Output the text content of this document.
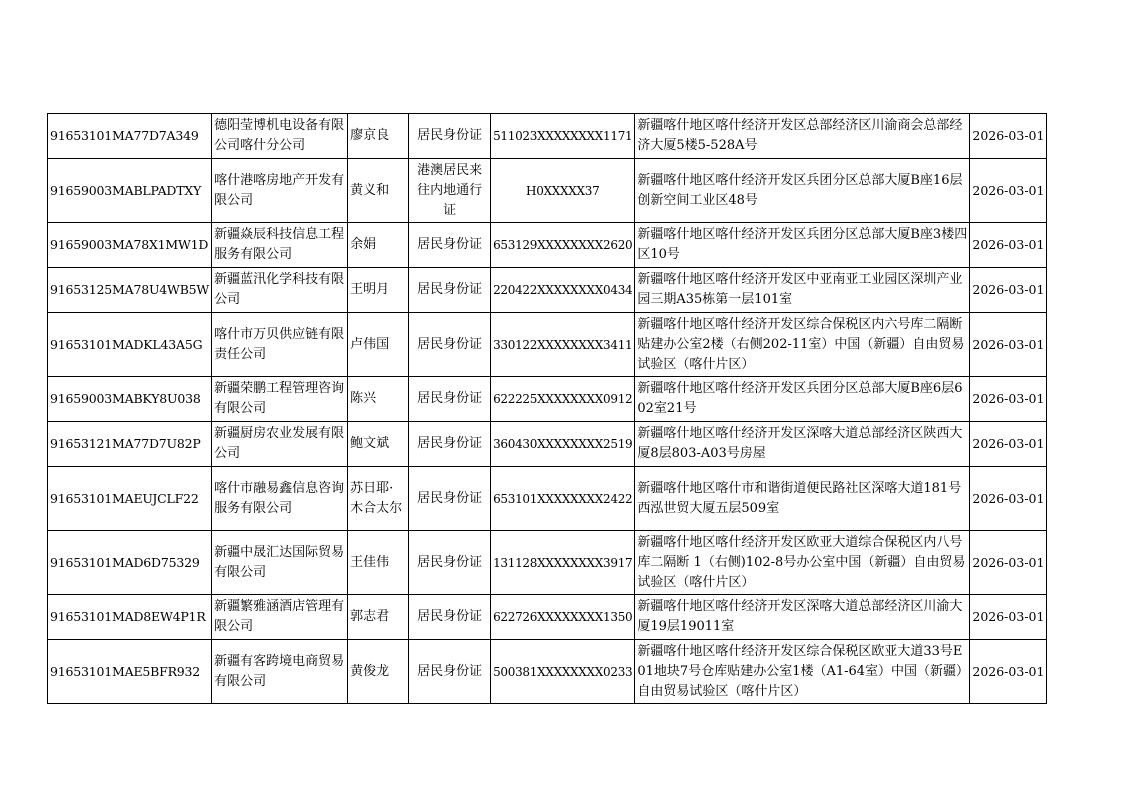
91653101MA77D7A349	德阳莹博机电设备有限公司喀什分公司	廖京良	居民身份证	511023XXXXXXXX1171	新疆喀什地区喀什经济开发区总部经济区川渝商会总部经济大厦5楼5-528A号	2026-03-01
91659003MABLPADTXY	喀什港喀房地产开发有限公司	黄义和	港澳居民来往内地通行证	H0XXXXX37	新疆喀什地区喀什经济开发区兵团分区总部大厦B座16层创新空间工业区48号	2026-03-01
91659003MA78X1MW1D	新疆焱辰科技信息工程服务有限公司	余娟	居民身份证	653129XXXXXXXX2620	新疆喀什地区喀什经济开发区兵团分区总部大厦B座3楼四区10号	2026-03-01
91653125MA78U4WB5W	新疆蓝汛化学科技有限公司	王明月	居民身份证	220422XXXXXXXX0434	新疆喀什地区喀什经济开发区中亚南亚工业园区深圳产业园三期A35栋第一层101室	2026-03-01
91653101MADKL43A5G	喀什市万贝供应链有限责任公司	卢伟国	居民身份证	330122XXXXXXXX3411	新疆喀什地区喀什经济开发区综合保税区内六号库二隔断贴建办公室2楼（右侧202-11室）中国（新疆）自由贸易试验区（喀什片区）	2026-03-01
91659003MABKY8U038	新疆荣鹏工程管理咨询有限公司	陈兴	居民身份证	622225XXXXXXXX0912	新疆喀什地区喀什经济开发区兵团分区总部大厦B座6层602室21号	2026-03-01
91653121MA77D7U82P	新疆厨房农业发展有限公司	鲍文斌	居民身份证	360430XXXXXXXX2519	新疆喀什地区喀什经济开发区深喀大道总部经济区陕西大厦8层803-A03号房屋	2026-03-01
91653101MAEUJCLF22	喀什市融易鑫信息咨询服务有限公司	苏日耶·木合太尔	居民身份证	653101XXXXXXXX2422	新疆喀什地区喀什市和谐街道便民路社区深喀大道181号西泓世贸大厦五层509室	2026-03-01
91653101MAD6D75329	新疆中晟汇达国际贸易有限公司	王佳伟	居民身份证	131128XXXXXXXX3917	新疆喀什地区喀什经济开发区欧亚大道综合保税区内八号库二隔断 1（右侧)102-8号办公室中国（新疆）自由贸易试验区（喀什片区）	2026-03-01
91653101MAD8EW4P1R	新疆繁雅涵酒店管理有限公司	郭志君	居民身份证	622726XXXXXXXX1350	新疆喀什地区喀什经济开发区深喀大道总部经济区川渝大厦19层19011室	2026-03-01
91653101MAE5BFR932	新疆有客跨境电商贸易有限公司	黄俊龙	居民身份证	500381XXXXXXXX0233	新疆喀什地区喀什经济开发区综合保税区欧亚大道33号E01地块7号仓库贴建办公室1楼（A1-64室）中国（新疆）自由贸易试验区（喀什片区）	2026-03-01
